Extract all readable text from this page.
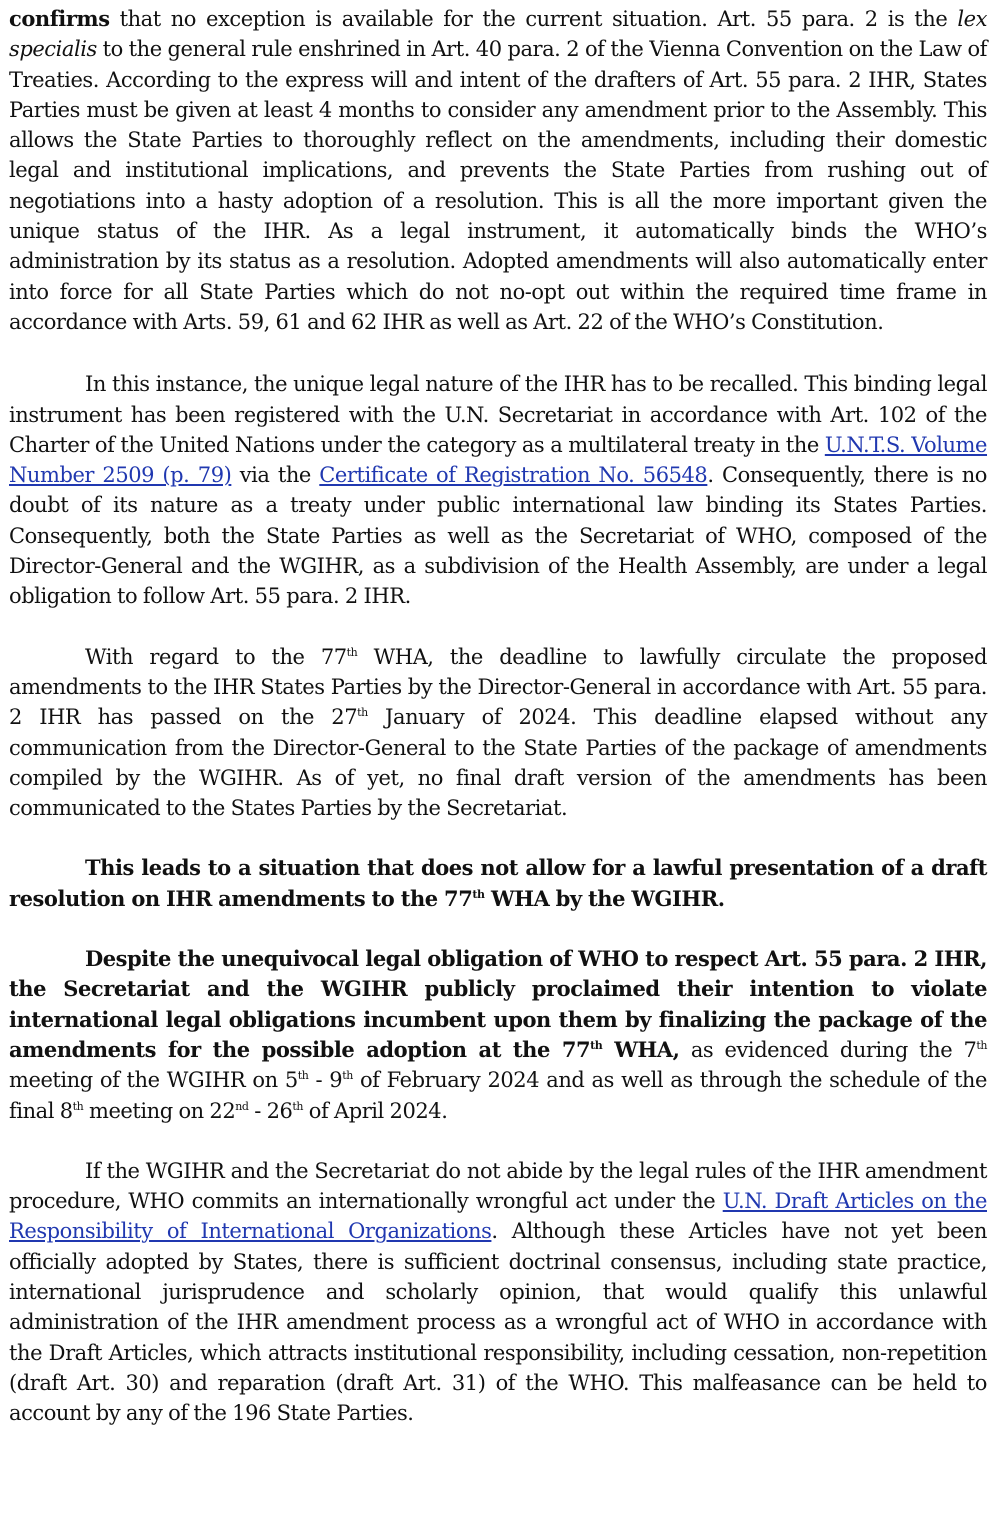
confirms that no exception is available for the current situation. Art. 55 para. 2 is the lex specialis to the general rule enshrined in Art. 40 para. 2 of the Vienna Convention on the Law of Treaties. According to the express will and intent of the drafters of Art. 55 para. 2 IHR, States Parties must be given at least 4 months to consider any amendment prior to the Assembly. This allows the State Parties to thoroughly reflect on the amendments, including their domestic legal and institutional implications, and prevents the State Parties from rushing out of negotiations into a hasty adoption of a resolution. This is all the more important given the unique status of the IHR. As a legal instrument, it automatically binds the WHO’s administration by its status as a resolution. Adopted amendments will also automatically enter into force for all State Parties which do not no-opt out within the required time frame in accordance with Arts. 59, 61 and 62 IHR as well as Art. 22 of the WHO’s Constitution.

In this instance, the unique legal nature of the IHR has to be recalled. This binding legal instrument has been registered with the U.N. Secretariat in accordance with Art. 102 of the Charter of the United Nations under the category as a multilateral treaty in the U.N.T.S. Volume Number 2509 (p. 79) via the Certificate of Registration No. 56548. Consequently, there is no doubt of its nature as a treaty under public international law binding its States Parties. Consequently, both the State Parties as well as the Secretariat of WHO, composed of the Director-General and the WGIHR, as a subdivision of the Health Assembly, are under a legal obligation to follow Art. 55 para. 2 IHR.

With regard to the 77th WHA, the deadline to lawfully circulate the proposed amendments to the IHR States Parties by the Director-General in accordance with Art. 55 para. 2 IHR has passed on the 27th January of 2024. This deadline elapsed without any communication from the Director-General to the State Parties of the package of amendments compiled by the WGIHR. As of yet, no final draft version of the amendments has been communicated to the States Parties by the Secretariat.

This leads to a situation that does not allow for a lawful presentation of a draft resolution on IHR amendments to the 77th WHA by the WGIHR.

Despite the unequivocal legal obligation of WHO to respect Art. 55 para. 2 IHR, the Secretariat and the WGIHR publicly proclaimed their intention to violate international legal obligations incumbent upon them by finalizing the package of the amendments for the possible adoption at the 77th WHA, as evidenced during the 7th meeting of the WGIHR on 5th - 9th of February 2024 and as well as through the schedule of the final 8th meeting on 22nd - 26th of April 2024.

If the WGIHR and the Secretariat do not abide by the legal rules of the IHR amendment procedure, WHO commits an internationally wrongful act under the U.N. Draft Articles on the Responsibility of International Organizations. Although these Articles have not yet been officially adopted by States, there is sufficient doctrinal consensus, including state practice, international jurisprudence and scholarly opinion, that would qualify this unlawful administration of the IHR amendment process as a wrongful act of WHO in accordance with the Draft Articles, which attracts institutional responsibility, including cessation, non-repetition (draft Art. 30) and reparation (draft Art. 31) of the WHO. This malfeasance can be held to account by any of the 196 State Parties.
